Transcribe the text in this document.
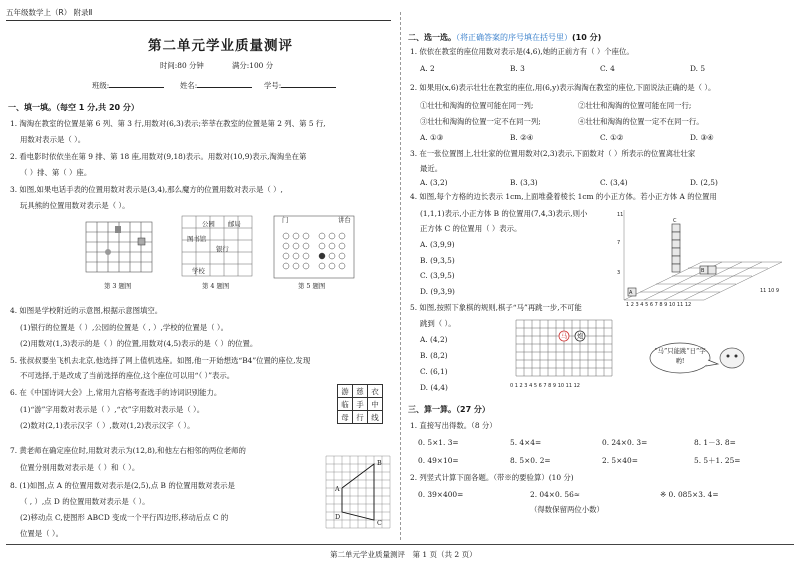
五年级数学上（R） 附录Ⅱ
第二单元学业质量测评
时间:80 分钟	满分:100 分
班级:	姓名:	学号:
一、填一填。（每空 1 分,共 20 分）
1. 淘淘在教室的位置是第 6 列、第 3 行,用数对(6,3)表示;莘莘在教室的位置是第 2 列、第 5 行,
用数对表示是（ ）。
2. 看电影时依依坐在第 9 排、第 18 座,用数对(9,18)表示。用数对(10,9)表示,淘淘坐在第
（ ）排、第（ ）座。
3. 如图,如果电话手表的位置用数对表示是(3,4),那么魔方的位置用数对表示是（ ）,
玩具熊的位置用数对表示是（ ）。
第 3 题图
公园 邮局
图书馆
银行
学校
第 4 题图
门	讲台
第 5 题图
4. 如图是学校附近的示意图,根据示意图填空。
(1)银行的位置是（ ）,公园的位置是（ , ）,学校的位置是（ ）。
(2)用数对(1,3)表示的是（ ）的位置,用数对(4,5)表示的是（ ）的位置。
5. 张叔叔要坐飞机去北京,他选择了网上值机选座。如图,他一开始想选“B4”位置的座位,发现
不可选择,于是改成了当前选择的座位,这个座位可以用“（ ）”表示。
6. 在《中国诗词大会》上,常用九宫格考查选手的诗词识别能力。
(1)“游”字用数对表示是（ ）,“衣”字用数对表示是（ ）。
(2)数对(2,1)表示汉字（ ）,数对(1,2)表示汉字（ ）。
游	慈	衣
临	手	中
母	行	线
7. 黄老师在确定座位时,用数对表示为(12,8),和他左右相邻的两位老师的
位置分别用数对表示是（ ）和（ ）。
8. (1)如图,点 A 的位置用数对表示是(2,5),点 B 的位置用数对表示是
（ , ）,点 D 的位置用数对表示是（ ）。
(2)移动点 C,使图形 ABCD 变成一个平行四边形,移动后点 C 的
位置是（ ）。
A
B
C
D
二、选一选。（将正确答案的序号填在括号里）(10 分)
1. 依依在教室的座位用数对表示是(4,6),她的正前方有（ ）个座位。
A. 2	B. 3	C. 4	D. 5
2. 如果用(x,6)表示壮壮在教室的座位,用(6,y)表示淘淘在教室的座位,下面说法正确的是（ ）。
①壮壮和淘淘的位置可能在同一列;	②壮壮和淘淘的位置可能在同一行;
③壮壮和淘淘的位置一定不在同一列;	④壮壮和淘淘的位置一定不在同一行。
A. ①③	B. ②④	C. ①②	D. ③④
3. 在一张位置图上,壮壮家的位置用数对(2,3)表示,下面数对（ ）所表示的位置离壮壮家
最近。
A. (3,2)	B. (3,3)	C. (3,4)	D. (2,5)
4. 如图,每个方格的边长表示 1cm,上面堆叠着棱长 1cm 的小正方体。若小正方体 A 的位置用
(1,1,1)表示,小正方体 B 的位置用(7,4,3)表示,则小
正方体 C 的位置用（ ）表示。
A. (3,9,9)
B. (9,3,5)
C. (3,9,5)
D. (9,3,9)
1 2 3 4 5 6 7 8 9 10 11 12
11
7
3
A
B
C
11 10 9
5. 如图,按照下象棋的规则,棋子“马”再跳一步,不可能
跳到（ ）。
A. (4,2)
B. (8,2)
C. (6,1)
D. (4,4)	0 1 2 3 4 5 6 7 8 9 10 11 12
马 炮
“马”只能跳“日”字哟!
三、算一算。（27 分）
1. 直接写出得数。（8 分）
0. 5×1. 3=	5. 4×4=	0. 24×0. 3=	8. 1－3. 8=
0. 49×10=	8. 5×0. 2=	2. 5×40=	5. 5＋1. 25=
2. 列竖式计算下面各题。（带※的要验算）(10 分)
0. 39×400=	2. 04×0. 56≈	※ 0. 085×3. 4=
（得数保留两位小数）
第二单元学业质量测评　第 1 页（共 2 页）
